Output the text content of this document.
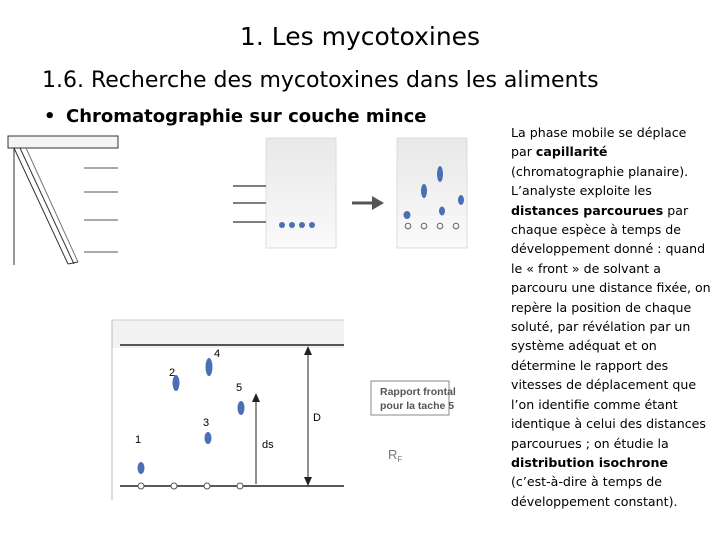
1. Les mycotoxines
1.6. Recherche des mycotoxines dans les aliments
• Chromatographie sur couche mince
La phase mobile se déplace par capillarité (chromatographie planaire). L’analyste exploite les distances parcourues par chaque espèce à temps de développement donné : quand le « front » de solvant a parcouru une distance fixée, on repère la position de chaque soluté, par révélation par un système adéquat et on détermine le rapport des vitesses de déplacement que l’on identifie comme étant identique à celui des distances parcourues ; on étudie la distribution isochrone (c’est-à-dire à temps de développement constant).
1
2
3
4
5
ds
D
Rapport frontal
pour la tache 5
$R_F$
